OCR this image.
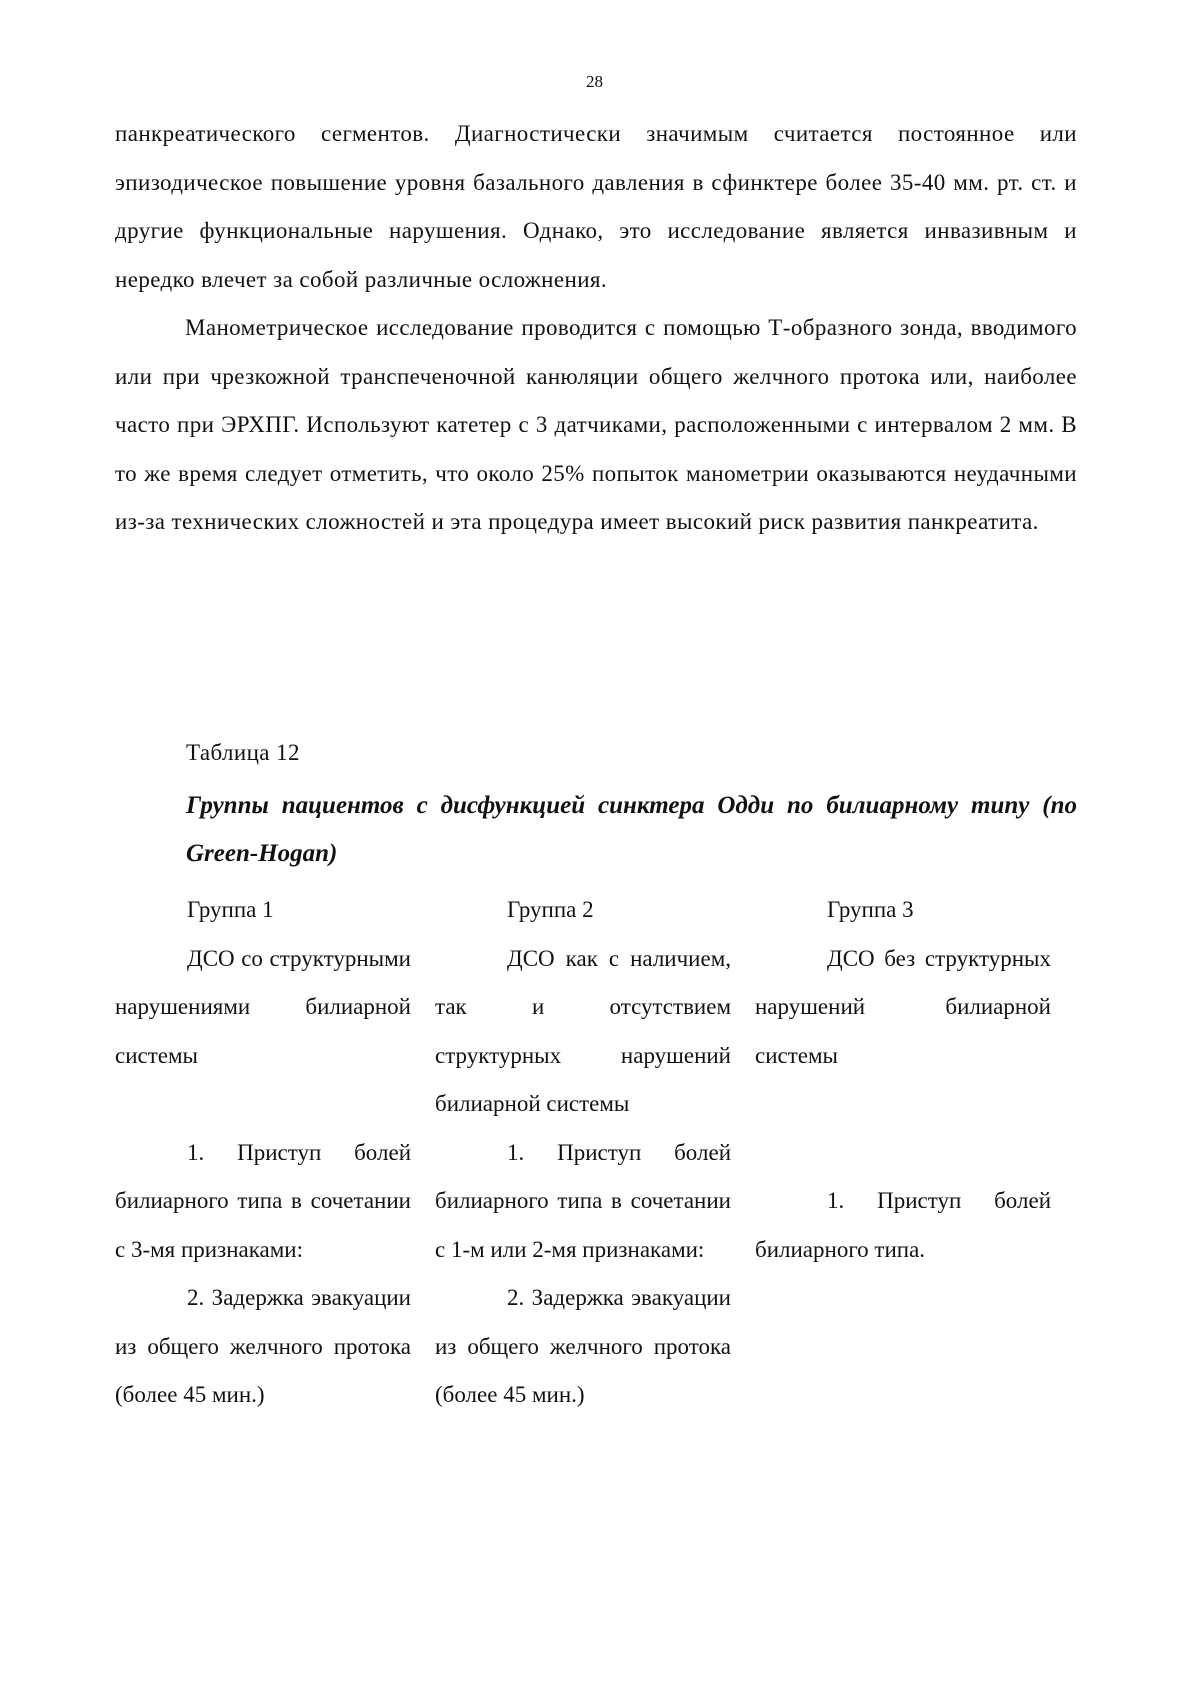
28

панкреатического сегментов. Диагностически значимым считается постоянное или эпизодическое повышение уровня базального давления в сфинктере более 35-40 мм. рт. ст. и другие функциональные нарушения. Однако, это исследование является инвазивным и нередко влечет за собой различные осложнения.

Манометрическое исследование проводится с помощью Т-образного зонда, вводимого или при чрезкожной транспеченочной канюляции общего желчного протока или, наиболее часто при ЭРХПГ. Используют катетер с 3 датчиками, расположенными с интервалом 2 мм. В то же время следует отметить, что около 25% попыток манометрии оказываются неудачными из-за технических сложностей и эта процедура имеет высокий риск развития панкреатита.

Таблица 12
Группы пациентов с дисфункцией синктера Одди по билиарному типу (по Green-Hogan)

Группа 1

ДСО со структурными нарушениями билиарной системы

1. Приступ болей билиарного типа в сочетании с 3-мя признаками:

2. Задержка эвакуации из общего желчного протока (более 45 мин.)

Группа 2

ДСО как с наличием, так и отсутствием структурных нарушений билиарной системы

1. Приступ болей билиарного типа в сочетании с 1-м или 2-мя признаками:

2. Задержка эвакуации из общего желчного протока (более 45 мин.)

Группа 3

ДСО без структурных нарушений билиарной системы

1. Приступ болей билиарного типа.
